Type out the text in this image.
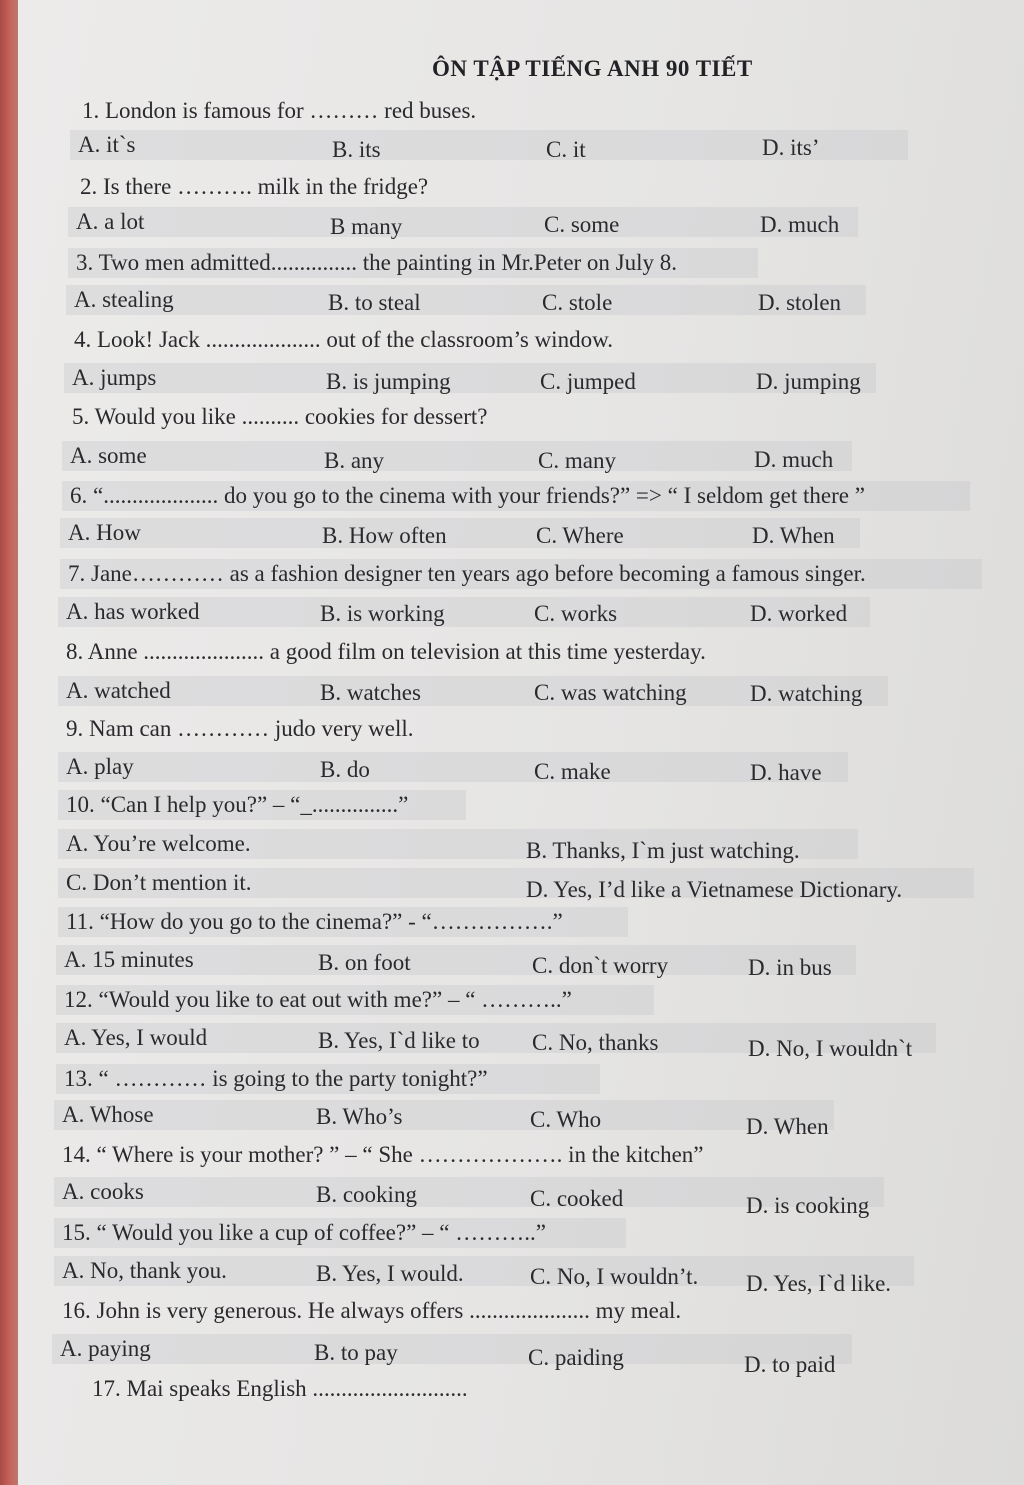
ÔN TẬP TIẾNG ANH 90 TIẾT
1. London is famous for ……… red buses.
A. it`s	B. its	C. it	D. its’
2. Is there ………. milk in the fridge?
A. a lot	B many	C. some	D. much
3. Two men admitted............... the painting in Mr.Peter on July 8.
A. stealing	B. to steal	C. stole	D. stolen
4. Look! Jack .................... out of the classroom’s window.
A. jumps	B. is jumping	C. jumped	D. jumping
5. Would you like .......... cookies for dessert?
A. some	B. any	C. many	D. much
6. “.................... do you go to the cinema with your friends?” => “ I seldom get there ”
A. How	B. How often	C. Where	D. When
7. Jane………… as a fashion designer ten years ago before becoming a famous singer.
A. has worked	B. is working	C. works	D. worked
8. Anne ..................... a good film on television at this time yesterday.
A. watched	B. watches	C. was watching	D. watching
9. Nam can ………… judo very well.
A. play	B. do	C. make	D. have
10. “Can I help you?” – “_...............”
A. You’re welcome.	B. Thanks, I`m just watching.
C. Don’t mention it.	D. Yes, I’d like a Vietnamese Dictionary.
11. “How do you go to the cinema?” - “…………….”
A. 15 minutes	B. on foot	C. don`t worry	D. in bus
12. “Would you like to eat out with me?” – “ ………..”
A. Yes, I would	B. Yes, I`d like to C. No, thanks	D. No, I wouldn`t
13. “ ………… is going to the party tonight?”
A. Whose	B. Who’s	C. Who	D. When
14. “ Where is your mother? ” – “ She ………………. in the kitchen”
A. cooks	B. cooking	C. cooked	D. is cooking
15. “ Would you like a cup of coffee?” – “ ………..”
A. No, thank you.	B. Yes, I would.	C. No, I wouldn’t. D. Yes, I`d like.
16. John is very generous. He always offers ..................... my meal.
A. paying	B. to pay	C. paiding	D. to paid
17. Mai speaks English ...........................
